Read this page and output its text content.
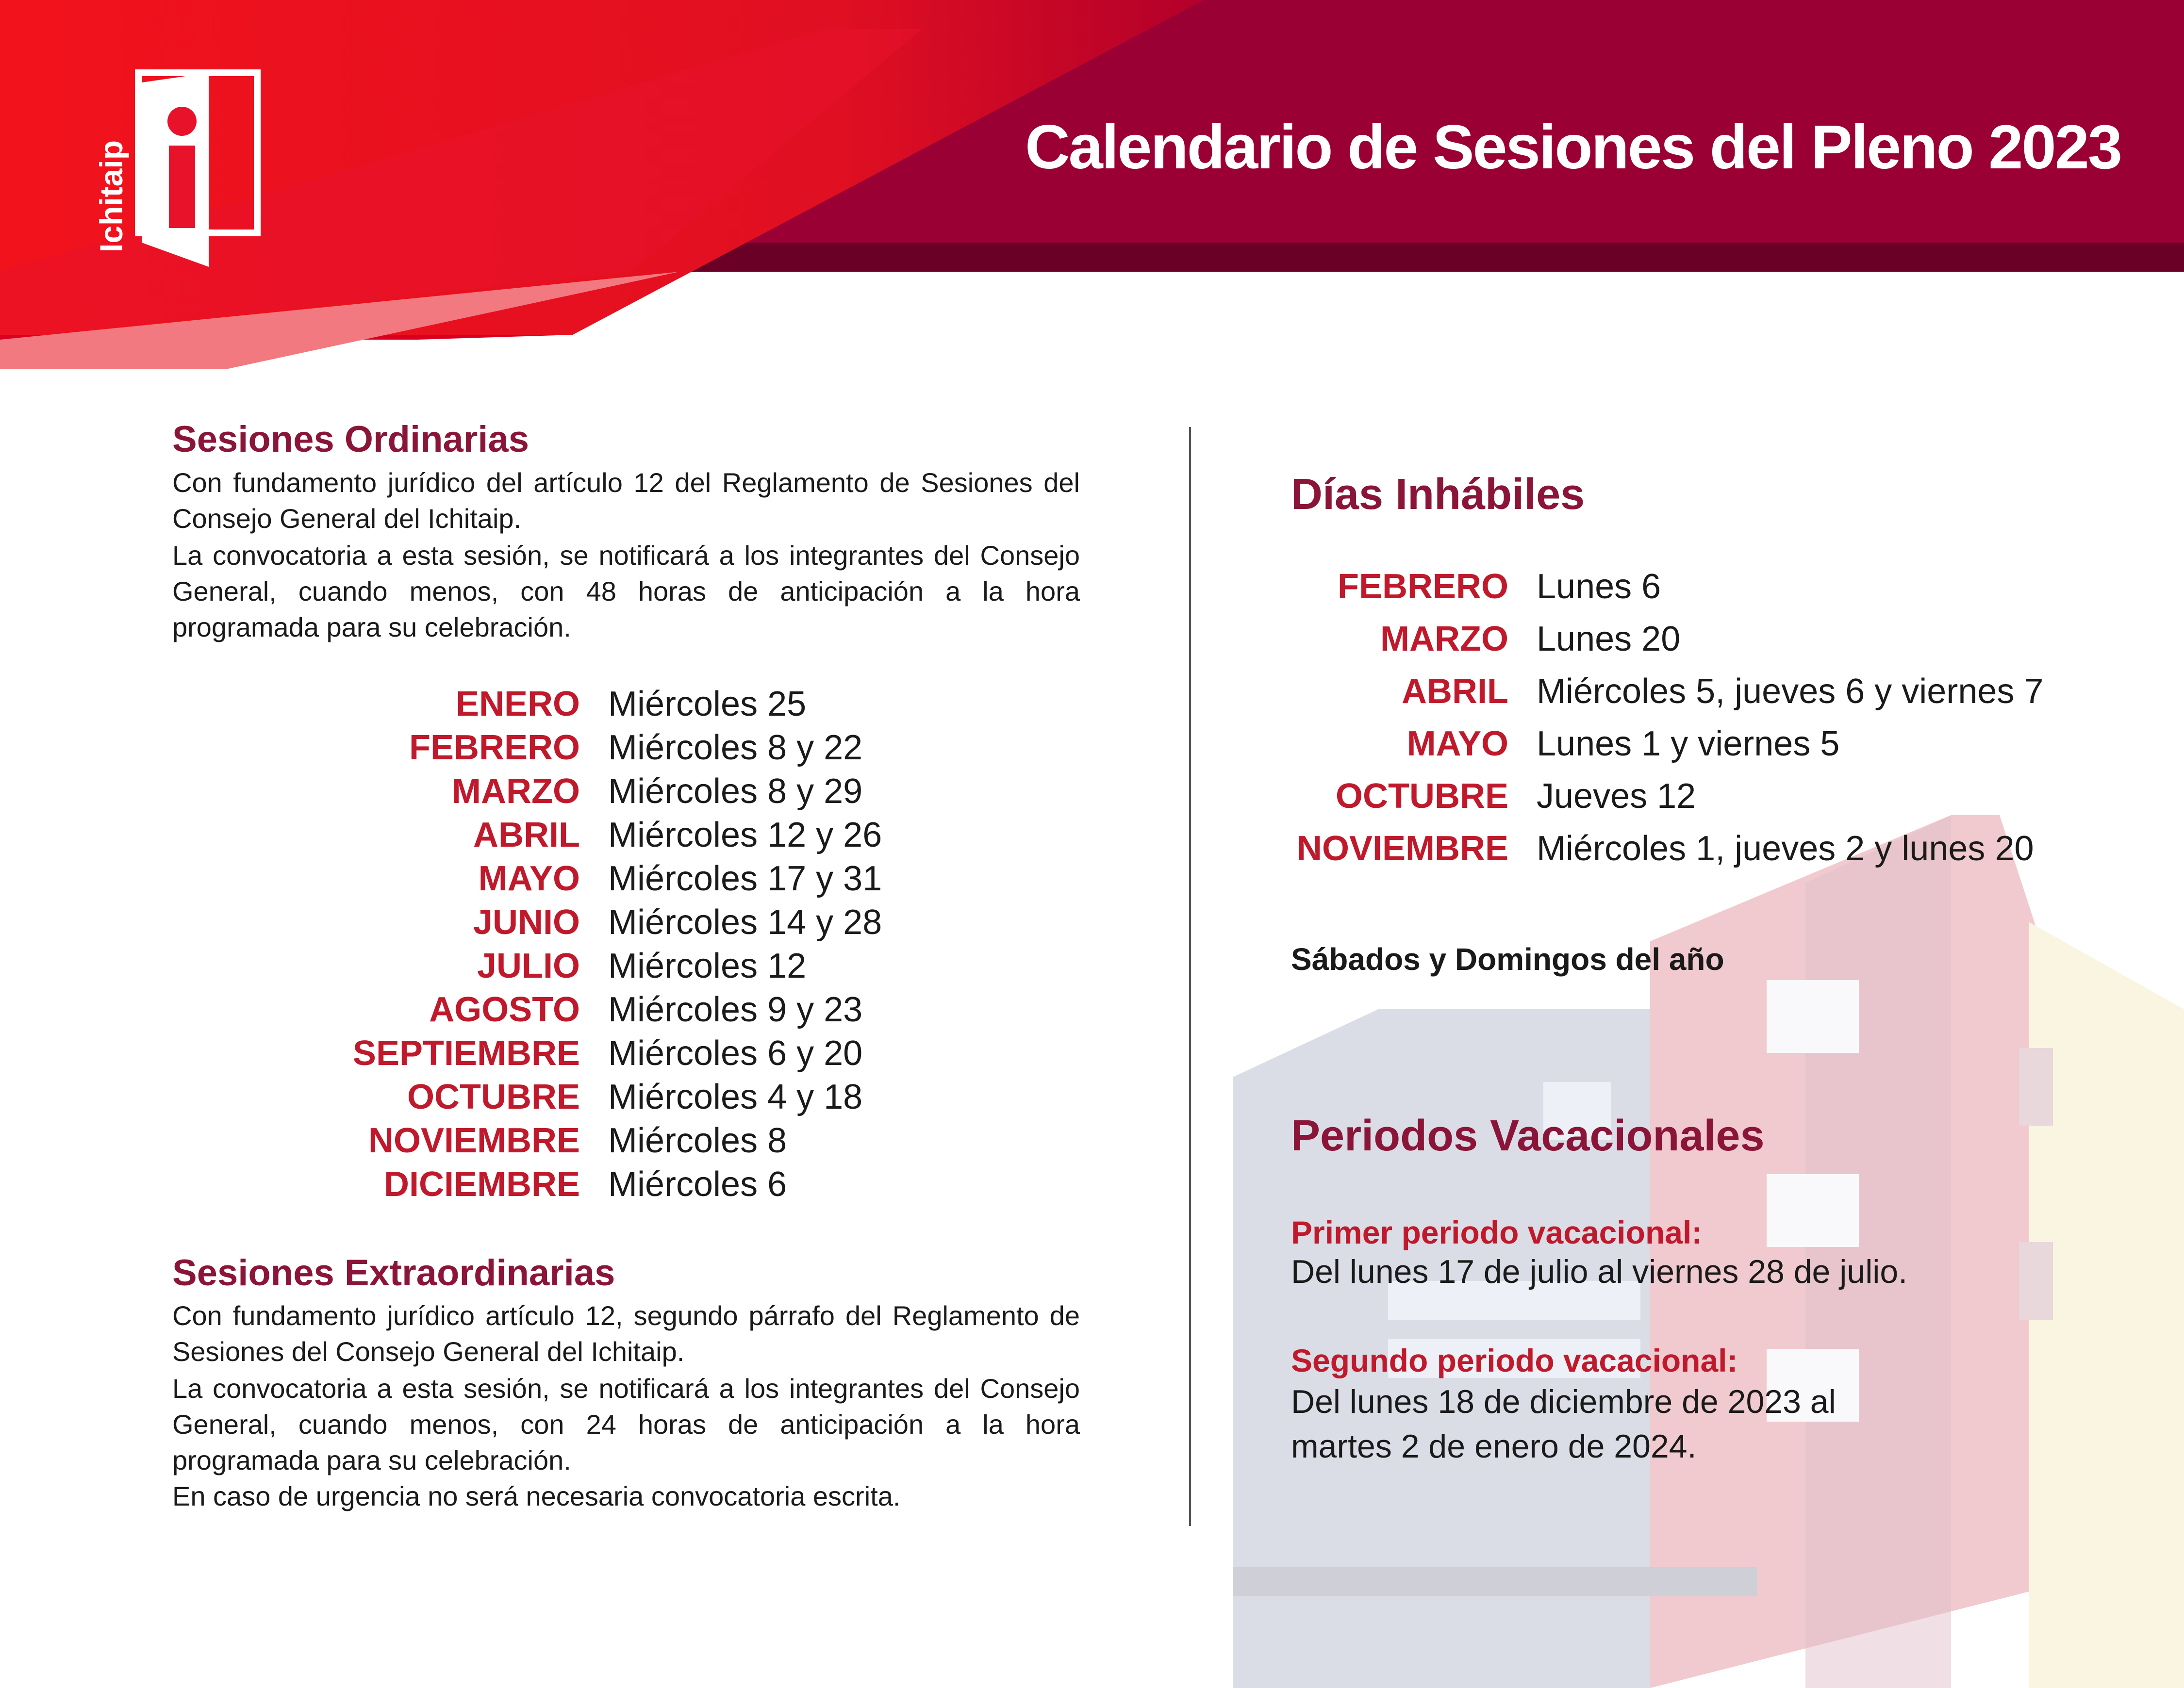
Ichitaip	Calendario de Sesiones del Pleno 2023
Sesiones Ordinarias
Con fundamento jurídico del artículo 12 del Reglamento de Sesiones del Consejo General del Ichitaip.
La convocatoria a esta sesión, se notificará a los integrantes del Consejo General, cuando menos, con 48 horas de anticipación a la hora programada para su celebración.
ENERO Miércoles 25
FEBRERO Miércoles 8 y 22
MARZO Miércoles 8 y 29
ABRIL Miércoles 12 y 26
MAYO Miércoles 17 y 31
JUNIO Miércoles 14 y 28
JULIO Miércoles 12
AGOSTO Miércoles 9 y 23
SEPTIEMBRE Miércoles 6 y 20
OCTUBRE Miércoles 4 y 18
NOVIEMBRE Miércoles 8
DICIEMBRE Miércoles 6
Sesiones Extraordinarias
Con fundamento jurídico artículo 12, segundo párrafo del Reglamento de Sesiones del Consejo General del Ichitaip.
La convocatoria a esta sesión, se notificará a los integrantes del Consejo General, cuando menos, con 24 horas de anticipación a la hora programada para su celebración.
En caso de urgencia no será necesaria convocatoria escrita.
Días Inhábiles
FEBRERO Lunes 6
MARZO Lunes 20
ABRIL Miércoles 5, jueves 6 y viernes 7
MAYO Lunes 1 y viernes 5
OCTUBRE Jueves 12
NOVIEMBRE Miércoles 1, jueves 2 y lunes 20
Sábados y Domingos del año
Periodos Vacacionales
Primer periodo vacacional:
Del lunes 17 de julio al viernes 28 de julio.
Segundo periodo vacacional:
Del lunes 18 de diciembre de 2023 al
martes 2 de enero de 2024.
